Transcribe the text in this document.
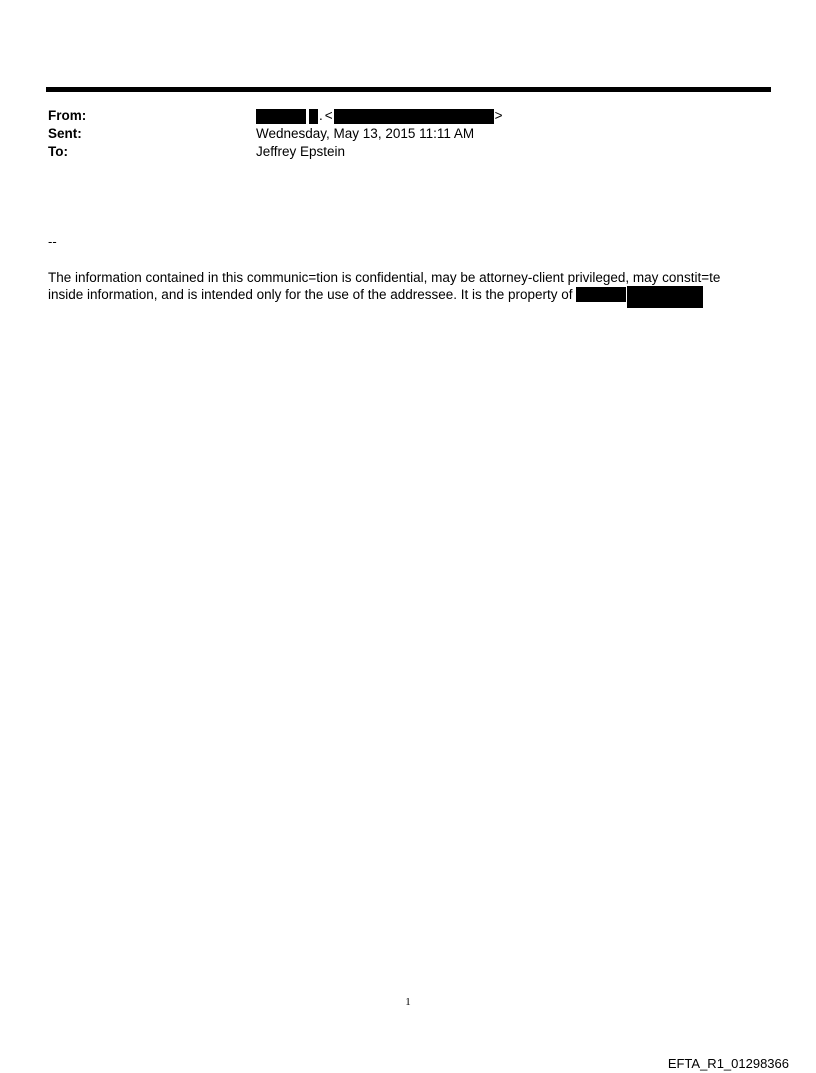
From:	. <	>
Sent:	Wednesday, May 13, 2015 11:11 AM
To:	Jeffrey Epstein
--
The information contained in this communic=tion is confidential, may be attorney-client privileged, may constit=te
inside information, and is intended only for the use of the addressee. It is the property of
1
EFTA_R1_01298366
